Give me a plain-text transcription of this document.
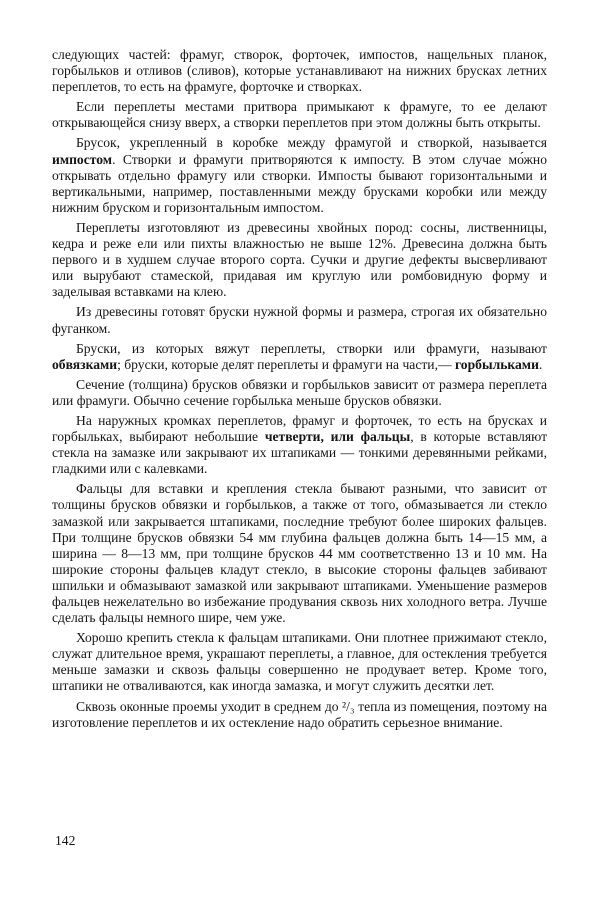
следующих частей: фрамуг, створок, форточек, импостов, нащельных планок, горбыльков и отливов (сливов), которые устанавливают на нижних брусках летних переплетов, то есть на фрамуге, форточке и створках.

Если переплеты местами притвора примыкают к фрамуге, то ее делают открывающейся снизу вверх, а створки переплетов при этом должны быть открыты.

Брусок, укрепленный в коробке между фрамугой и створкой, называется импостом. Створки и фрамуги притворяются к импосту. В этом случае мо́жно открывать отдельно фрамугу или створки. Импосты бывают горизонтальными и вертикальными, например, поставленными между брусками коробки или между нижним бруском и горизонтальным импостом.

Переплеты изготовляют из древесины хвойных пород: сосны, лиственницы, кедра и реже ели или пихты влажностью не выше 12%. Древесина должна быть первого и в худшем случае второго сорта. Сучки и другие дефекты высверливают или вырубают стамеской, придавая им круглую или ромбовидную форму и заделывая вставками на клею.

Из древесины готовят бруски нужной формы и размера, строгая их обязательно фуганком.

Бруски, из которых вяжут переплеты, створки или фрамуги, называют обвязками; бруски, которые делят переплеты и фрамуги на части,— горбыльками.

Сечение (толщина) брусков обвязки и горбыльков зависит от размера переплета или фрамуги. Обычно сечение горбылька меньше брусков обвязки.

На наружных кромках переплетов, фрамуг и форточек, то есть на брусках и горбыльках, выбирают небольшие четверти, или фальцы, в которые вставляют стекла на замазке или закрывают их штапиками — тонкими деревянными рейками, гладкими или с калевками.

Фальцы для вставки и крепления стекла бывают разными, что зависит от толщины брусков обвязки и горбыльков, а также от того, обмазывается ли стекло замазкой или закрывается штапиками, последние требуют более широких фальцев. При толщине брусков обвязки 54 мм глубина фальцев должна быть 14—15 мм, а ширина — 8—13 мм, при толщине брусков 44 мм соответственно 13 и 10 мм. На широкие стороны фальцев кладут стекло, в высокие стороны фальцев забивают шпильки и обмазывают замазкой или закрывают штапиками. Уменьшение размеров фальцев нежелательно во избежание продувания сквозь них холодного ветра. Лучше сделать фальцы немного шире, чем уже.

Хорошо крепить стекла к фальцам штапиками. Они плотнее прижимают стекло, служат длительное время, украшают переплеты, а главное, для остекления требуется меньше замазки и сквозь фальцы совершенно не продувает ветер. Кроме того, штапики не отваливаются, как иногда замазка, и могут служить десятки лет.

Сквозь оконные проемы уходит в среднем до ²/₃ тепла из помещения, поэтому на изготовление переплетов и их остекление надо обратить серьезное внимание.

142
